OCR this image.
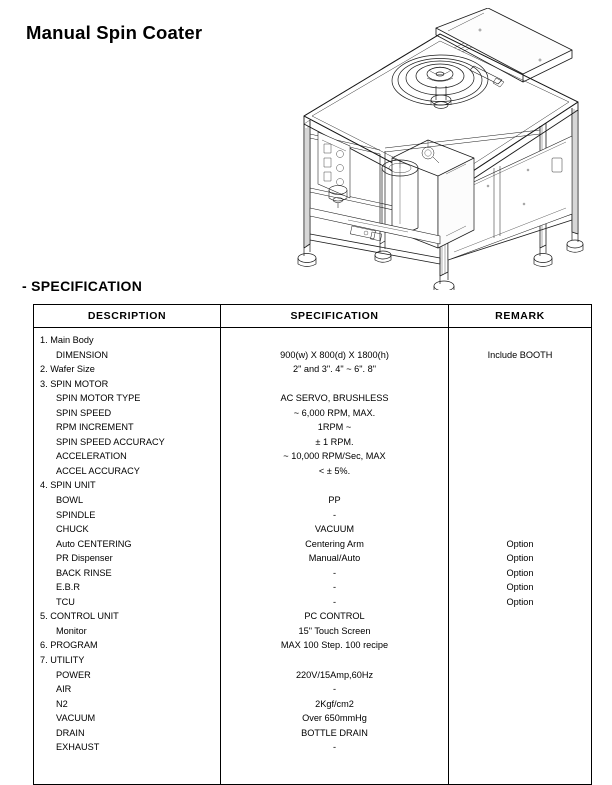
Manual Spin Coater
- SPECIFICATION
DESCRIPTION	SPECIFICATION	REMARK
1. Main Body		
DIMENSION	900(w) X 800(d) X 1800(h)	Include BOOTH
2. Wafer Size	2" and 3". 4" ~ 6". 8"	
3. SPIN MOTOR		
SPIN MOTOR TYPE	AC SERVO, BRUSHLESS	
SPIN SPEED	~ 6,000 RPM, MAX.	
RPM INCREMENT	1RPM ~	
SPIN SPEED ACCURACY	± 1 RPM.	
ACCELERATION	~ 10,000 RPM/Sec, MAX	
ACCEL ACCURACY	< ± 5%.	
4. SPIN UNIT		
BOWL	PP	
SPINDLE	-	
CHUCK	VACUUM	
Auto CENTERING	Centering Arm	Option
PR Dispenser	Manual/Auto	Option
BACK RINSE	-	Option
E.B.R	-	Option
TCU	-	Option
5. CONTROL UNIT	PC CONTROL	
Monitor	15" Touch Screen	
6. PROGRAM	MAX 100 Step. 100 recipe	
7. UTILITY		
POWER	220V/15Amp,60Hz	
AIR	-	
N2	2Kgf/cm2	
VACUUM	Over 650mmHg	
DRAIN	BOTTLE DRAIN	
EXHAUST	-	
